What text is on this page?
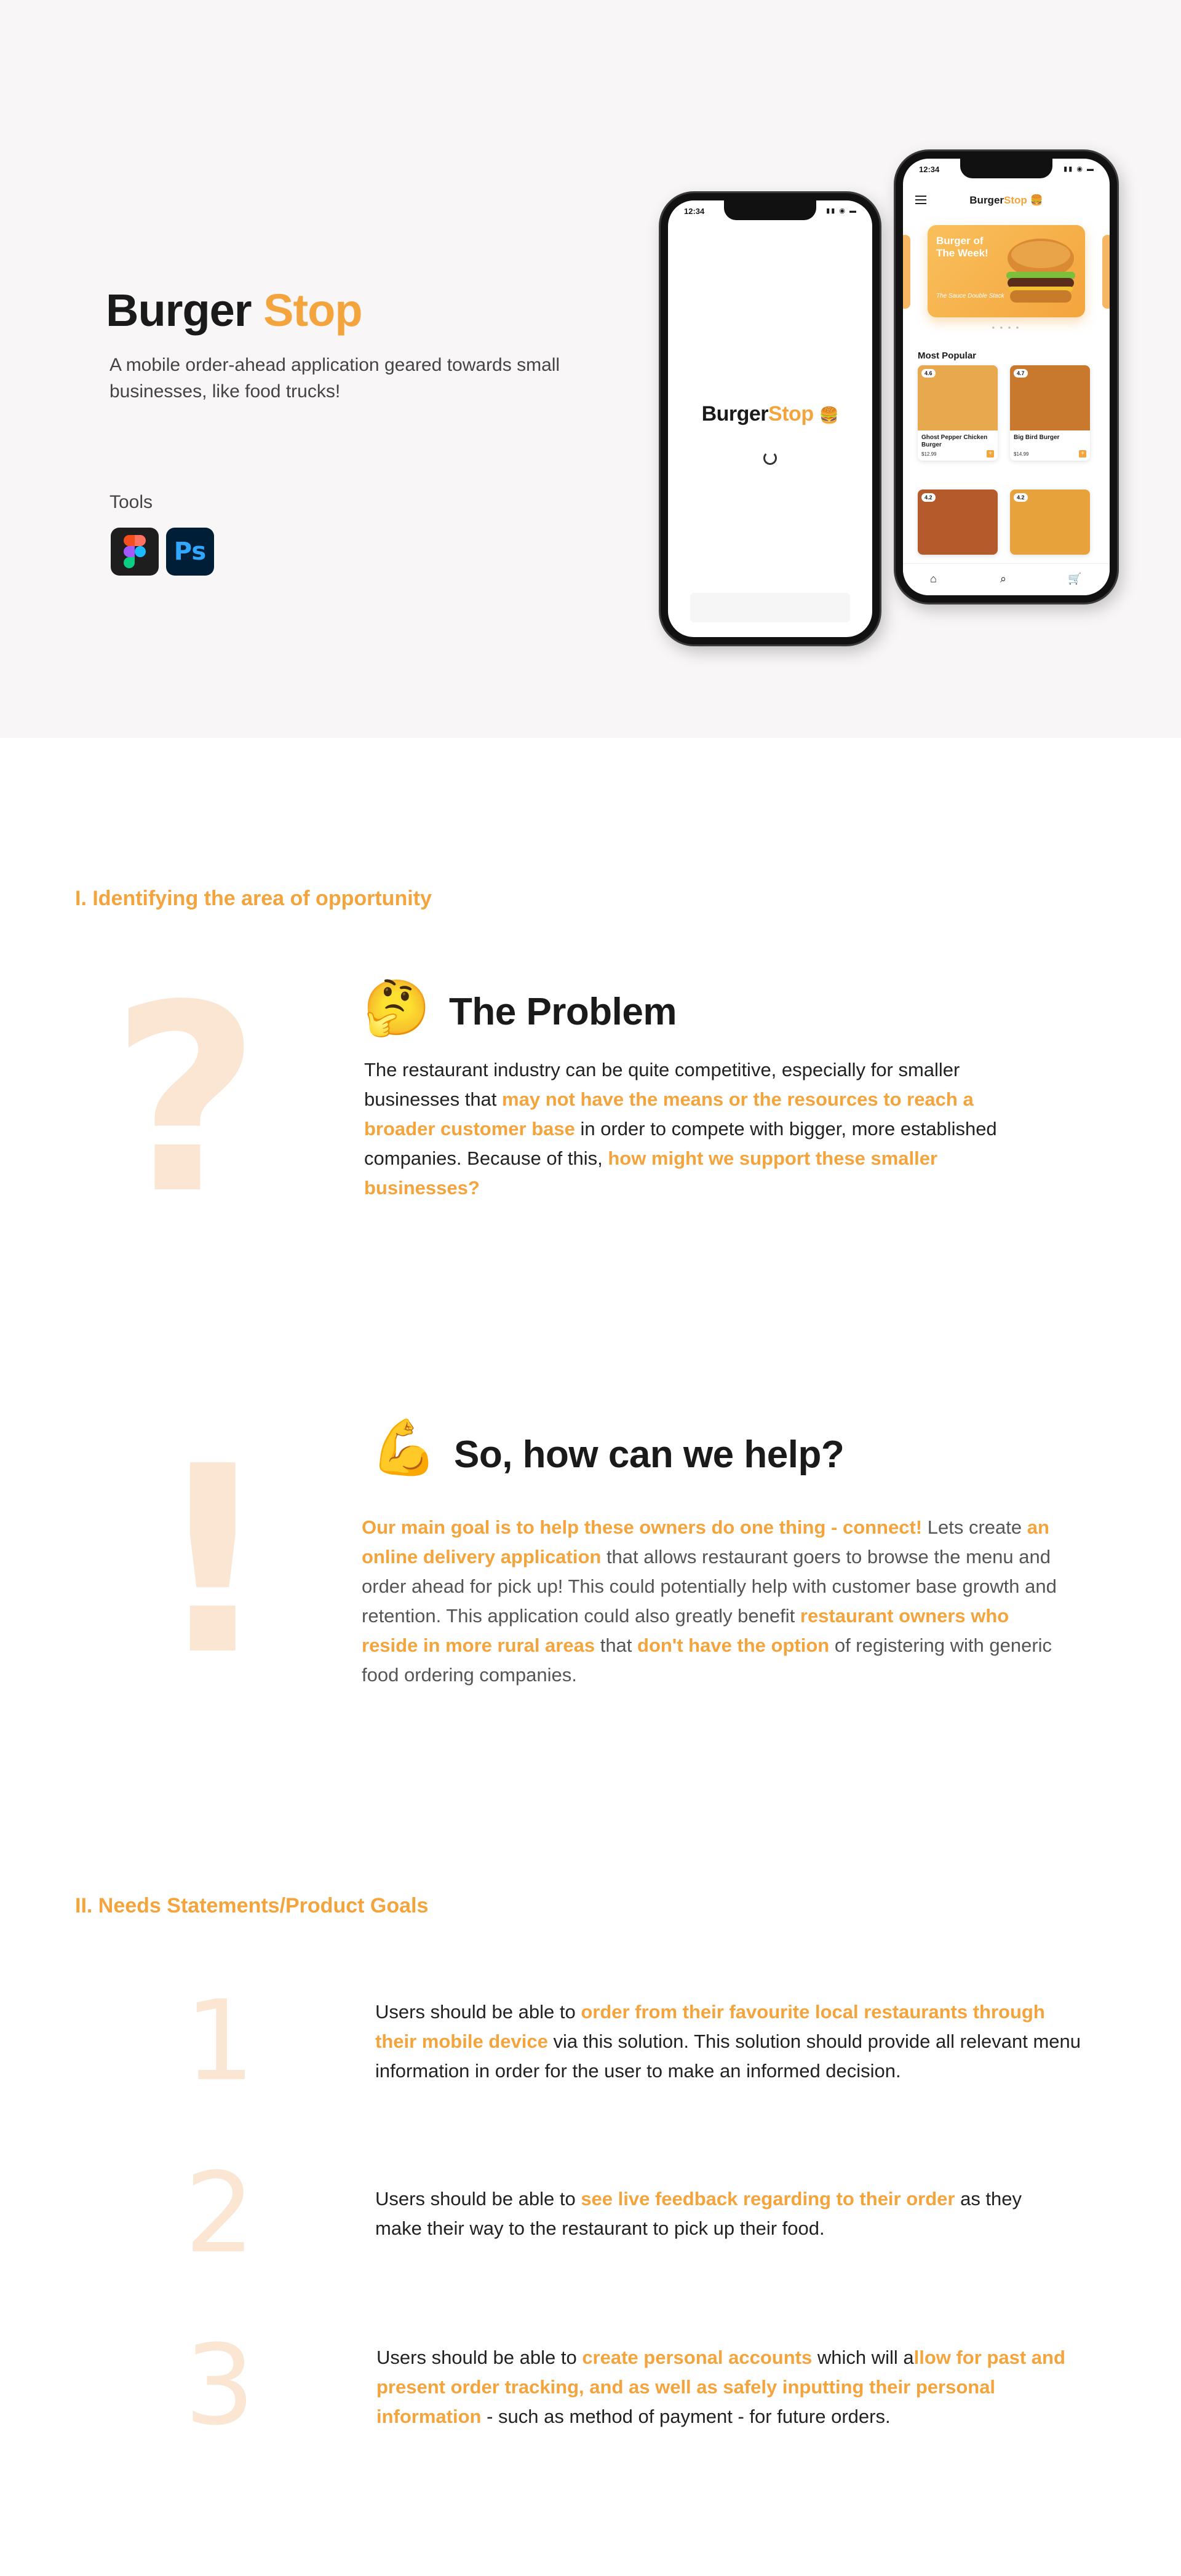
Burger Stop
A mobile order-ahead application geared towards small businesses, like food trucks!
Tools
Ps
12:34	▮▮ ◉ ▬
BurgerStop 🍔
12:34	▮▮ ◉ ▬
BurgerStop 🍔
Burger of The Week!
The Sauce Double Stack
● ● ● ●
Most Popular
4.6
Ghost Pepper Chicken Burger
$12.99	+
4.7
Big Bird Burger
$14.99	+
4.2	4.2
⌂	⌕	🛒
I. Identifying the area of opportunity
? 🤔 The Problem
The restaurant industry can be quite competitive, especially for smaller businesses that may not have the means or the resources to reach a broader customer base in order to compete with bigger, more established companies. Because of this, how might we support these smaller businesses?
! 💪 So, how can we help?
Our main goal is to help these owners do one thing - connect! Lets create an online delivery application that allows restaurant goers to browse the menu and order ahead for pick up! This could potentially help with customer base growth and retention. This application could also greatly benefit restaurant owners who reside in more rural areas that don't have the option of registering with generic food ordering companies.
II. Needs Statements/Product Goals
1	Users should be able to order from their favourite local restaurants through their mobile device via this solution. This solution should provide all relevant menu information in order for the user to make an informed decision.
2	Users should be able to see live feedback regarding to their order as they make their way to the restaurant to pick up their food.
3	Users should be able to create personal accounts which will allow for past and present order tracking, and as well as safely inputting their personal information - such as method of payment - for future orders.
